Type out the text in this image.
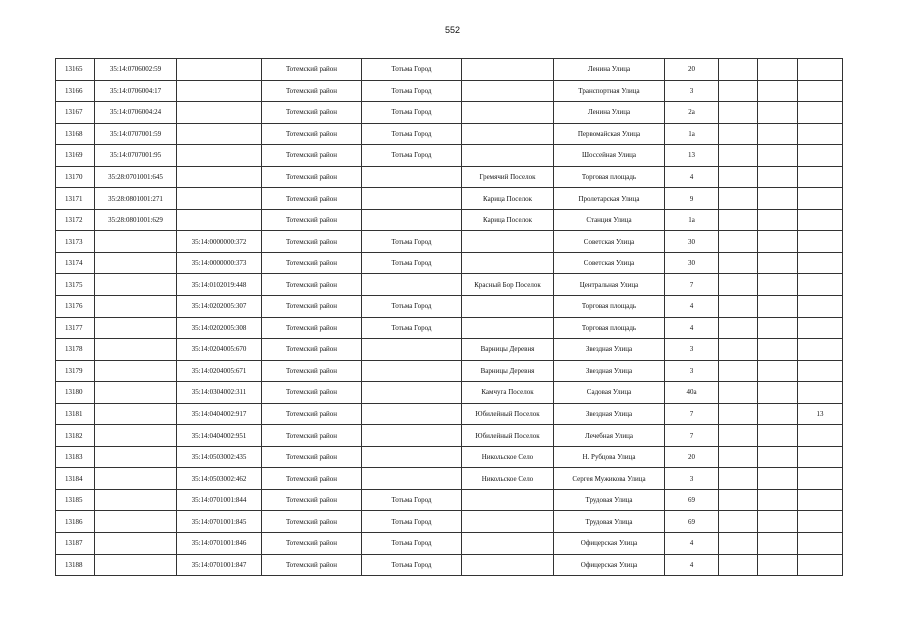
552
13165	35:14:0706002:59		Тотемский район	Тотьма Город		Ленина Улица	20			
13166	35:14:0706004:17		Тотемский район	Тотьма Город		Транспортная Улица	3			
13167	35:14:0706004:24		Тотемский район	Тотьма Город		Ленина Улица	2а			
13168	35:14:0707001:59		Тотемский район	Тотьма Город		Первомайская Улица	1а			
13169	35:14:0707001:95		Тотемский район	Тотьма Город		Шоссейная Улица	13			
13170	35:28:0701001:645		Тотемский район		Гремячий Поселок	Торговая площадь	4			
13171	35:28:0801001:271		Тотемский район		Карица Поселок	Пролетарская Улица	9			
13172	35:28:0801001:629		Тотемский район		Карица Поселок	Станция Улица	1а			
13173		35:14:0000000:372	Тотемский район	Тотьма Город		Советская Улица	30			
13174		35:14:0000000:373	Тотемский район	Тотьма Город		Советская Улица	30			
13175		35:14:0102019:448	Тотемский район		Красный Бор Поселок	Центральная Улица	7			
13176		35:14:0202005:307	Тотемский район	Тотьма Город		Торговая площадь	4			
13177		35:14:0202005:308	Тотемский район	Тотьма Город		Торговая площадь	4			
13178		35:14:0204005:670	Тотемский район		Варницы Деревня	Звездная Улица	3			
13179		35:14:0204005:671	Тотемский район		Варницы Деревня	Звездная Улица	3			
13180		35:14:0304002:311	Тотемский район		Камчуга Поселок	Садовая Улица	40а			
13181		35:14:0404002:917	Тотемский район		Юбилейный Поселок	Звездная Улица	7			13
13182		35:14:0404002:951	Тотемский район		Юбилейный Поселок	Лечебная Улица	7			
13183		35:14:0503002:435	Тотемский район		Никольское Село	Н. Рубцова Улица	20			
13184		35:14:0503002:462	Тотемский район		Никольское Село	Сергея Мужикова Улица	3			
13185		35:14:0701001:844	Тотемский район	Тотьма Город		Трудовая Улица	69			
13186		35:14:0701001:845	Тотемский район	Тотьма Город		Трудовая Улица	69			
13187		35:14:0701001:846	Тотемский район	Тотьма Город		Офицерская Улица	4			
13188		35:14:0701001:847	Тотемский район	Тотьма Город		Офицерская Улица	4			
